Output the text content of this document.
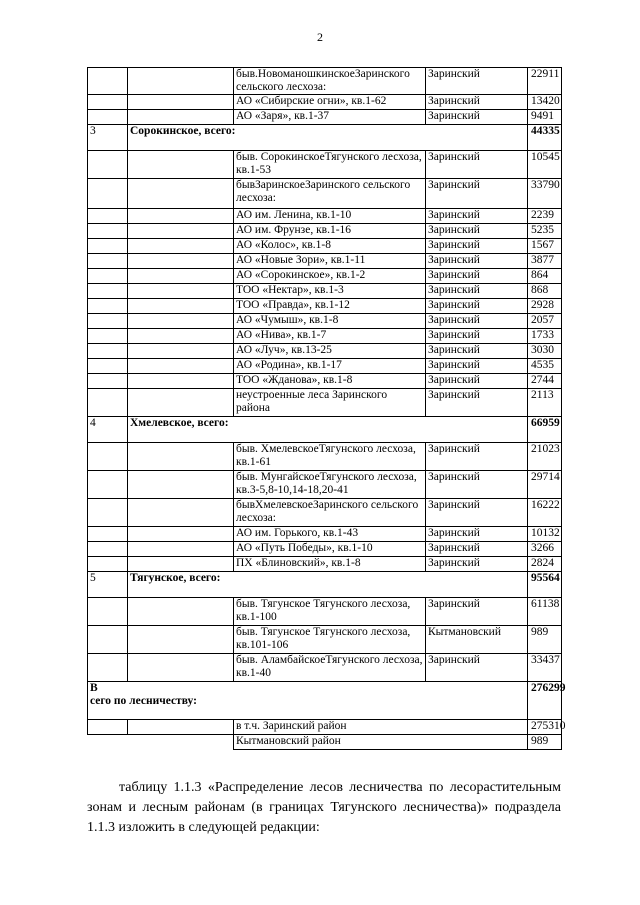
2
		быв.НовоманошкинскоеЗаринского сельского лесхоза:	Заринский	22911
		АО «Сибирские огни», кв.1-62	Заринский	13420
		АО «Заря», кв.1-37	Заринский	9491
3	Сорокинское, всего:			44335
		быв. СорокинскоеТягунского лесхоза, кв.1-53	Заринский	10545
		бывЗаринскоеЗаринского сельского лесхоза:	Заринский	33790
		АО им. Ленина, кв.1-10	Заринский	2239
		АО им. Фрунзе, кв.1-16	Заринский	5235
		АО «Колос», кв.1-8	Заринский	1567
		АО «Новые Зори», кв.1-11	Заринский	3877
		АО «Сорокинское», кв.1-2	Заринский	864
		ТОО «Нектар», кв.1-3	Заринский	868
		ТОО «Правда», кв.1-12	Заринский	2928
		АО «Чумыш», кв.1-8	Заринский	2057
		АО «Нива», кв.1-7	Заринский	1733
		АО «Луч», кв.13-25	Заринский	3030
		АО «Родина», кв.1-17	Заринский	4535
		ТОО «Жданова», кв.1-8	Заринский	2744
		неустроенные леса Заринского района	Заринский	2113
4	Хмелевское, всего:			66959
		быв. ХмелевскоеТягунского лесхоза, кв.1-61	Заринский	21023
		быв. МунгайскоеТягунского лесхоза, кв.3-5,8-10,14-18,20-41	Заринский	29714
		бывХмелевскоеЗаринского сельского лесхоза:	Заринский	16222
		АО им. Горького, кв.1-43	Заринский	10132
		АО «Путь Победы», кв.1-10	Заринский	3266
		ПХ «Блиновский», кв.1-8	Заринский	2824
5	Тягунское, всего:			95564
		быв. Тягунское Тягунского лесхоза, кв.1-100	Заринский	61138
		быв. Тягунское Тягунского лесхоза, кв.101-106	Кытмановский	989
		быв. АламбайскоеТягунского лесхоза, кв.1-40	Заринский	33437

В
сего по лесничеству:				276299
		в т.ч. Заринский район		275310
		Кытмановский район		989

таблицу 1.1.3 «Распределение лесов лесничества по лесорастительным зонам и лесным районам (в границах Тягунского лесничества)» подраздела 1.1.3 изложить в следующей редакции:
